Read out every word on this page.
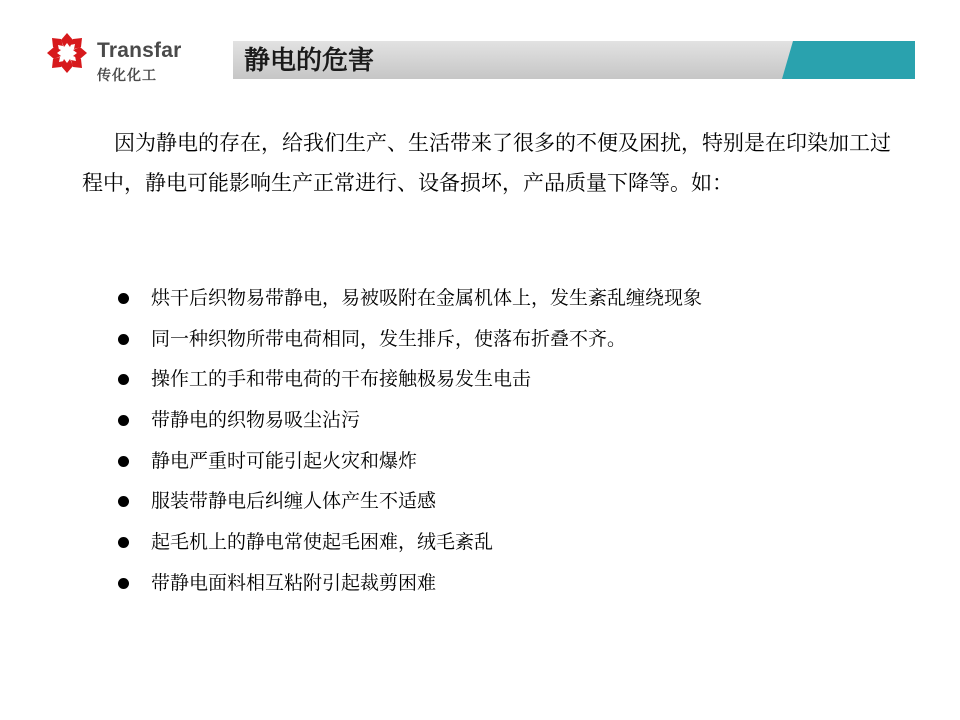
Transfar
传化化工	静电的危害

因为静电的存在，给我们生产、生活带来了很多的不便及困扰，特别是在印染加工过程中，静电可能影响生产正常进行、设备损坏，产品质量下降等。如：

烘干后织物易带静电，易被吸附在金属机体上，发生紊乱缠绕现象
同一种织物所带电荷相同，发生排斥，使落布折叠不齐。
操作工的手和带电荷的干布接触极易发生电击
带静电的织物易吸尘沾污
静电严重时可能引起火灾和爆炸
服装带静电后纠缠人体产生不适感
起毛机上的静电常使起毛困难，绒毛紊乱
带静电面料相互粘附引起裁剪困难
